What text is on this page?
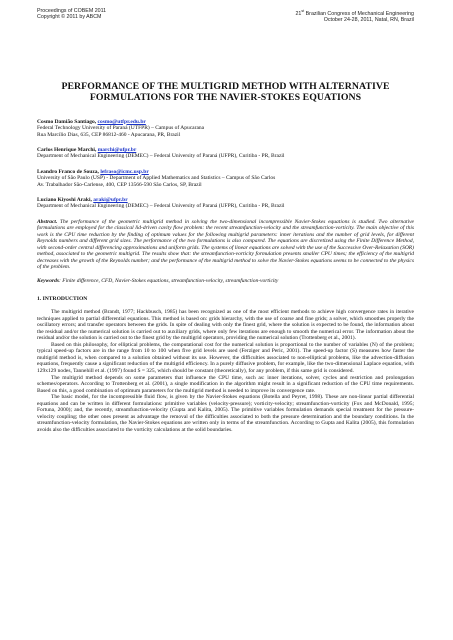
Proceedings of COBEM 2011
Copyright © 2011 by ABCM
21st Brazilian Congress of Mechanical Engineering
October 24-28, 2011, Natal, RN, Brazil
PERFORMANCE OF THE MULTIGRID METHOD WITH ALTERNATIVE
FORMULATIONS FOR THE NAVIER-STOKES EQUATIONS
Cosmo Damião Santiago, cosmo@utfpr.edu.br
Federal Technology University of Paraná (UTFPR) – Campus of Apucarana
Rua Marcílio Dias, 635, CEP 86812-460 - Apucarana, PR, Brazil
Carlos Henrique Marchi, marchi@ufpr.br
Department of Mechanical Engineering (DEMEC) – Federal University of Paraná (UFPR), Curitiba - PR, Brazil
Leandro Franco de Souza, lefraso@icmc.usp.br
University of São Paulo (USP) - Department of Applied Mathematics and Statistics – Campus of São Carlos
Av. Trabalhador São-Carlense, 400, CEP 13566-590 São Carlos, SP, Brazil
Luciano Kiyoshi Araki, araki@ufpr.br
Department of Mechanical Engineering (DEMEC) – Federal University of Paraná (UFPR), Curitiba - PR, Brazil
Abstract. The performance of the geometric multigrid method in solving the two-dimensional incompressible Navier-Stokes equations is studied. Two alternative formulations are employed for the classical lid-driven cavity flow problem: the recent streamfunction-velocity and the streamfunction-vorticity. The main objective of this work is the CPU time reduction by the finding of optimum values for the following multigrid parameters: inner iterations and the number of grid levels, for different Reynolds numbers and different grid sizes. The performance of the two formulations is also compared. The equations are discretized using the Finite Difference Method, with second-order central differencing approximations and uniform grids. The systems of linear equations are solved with the use of the Successive Over-Relaxation (SOR) method, associated to the geometric multigrid. The results show that: the streamfunction-vorticity formulation presents smaller CPU times; the efficiency of the multigrid decreases with the growth of the Reynolds number; and the performance of the multigrid method to solve the Navier-Stokes equations seems to be connected to the physics of the problem.
Keywords: Finite difference, CFD, Navier-Stokes equations, streamfunction-velocity, streamfunction-vorticity
1. INTRODUCTION

The multigrid method (Brandt, 1977; Hackbusch, 1985) has been recognized as one of the most efficient methods to achieve high convergence rates in iterative techniques applied to partial differential equations. This method is based on: grids hierarchy, with the use of coarse and fine grids; a solver, which smoothes properly the oscillatory errors; and transfer operators between the grids. In spite of dealing with only the finest grid, where the solution is expected to be found, the information about the residual and/or the numerical solution is carried out to auxiliary grids, where only few iterations are enough to smooth the numerical error. The information about the residual and/or the solution is carried out to the finest grid by the multigrid operators, providing the numerical solution (Trottenberg et al., 2001).

Based on this philosophy, for elliptical problems, the computational cost for the numerical solution is proportional to the number of variables (N) of the problem; typical speed-up factors are in the range from 10 to 100 when five grid levels are used (Ferziger and Peric, 2001). The speed-up factor (S) measures how faster the multigrid method is, when compared to a solution obtained without its use. However, the difficulties associated to non-elliptical problems, like the advection-diffusion equations, frequently cause a significant reduction of the multigrid efficiency. In a purely diffusive problem, for example, like the two-dimensional Laplace equation, with 129x129 nodes, Tannehill et al. (1997) found S = 325, which should be constant (theoretically), for any problem, if this same grid is considered.

The multigrid method depends on some parameters that influence the CPU time, such as: inner iterations, solver, cycles and restriction and prolongation schemes/operators. According to Trottenberg et al. (2001), a single modification in the algorithm might result in a significant reduction of the CPU time requirements. Based on this, a good combination of optimum parameters for the multigrid method is needed to improve its convergence rate.

The basic model, for the incompressible fluid flow, is given by the Navier-Stokes equations (Botella and Peyret, 1998). These are non-linear partial differential equations and can be written in different formulations: primitive variables (velocity-pressure); vorticity-velocity; streamfunction-vorticity (Fox and McDonald, 1995; Fortuna, 2000); and, the recently, streamfunction-velocity (Gupta and Kalita, 2005). The primitive variables formulation demands special treatment for the pressure-velocity coupling; the other ones present as advantage the removal of the difficulties associated to both the pressure determination and the boundary conditions. In the streamfunction-velocity formulation, the Navier-Stokes equations are written only in terms of the streamfunction. According to Gupta and Kalita (2005), this formulation avoids also the difficulties associated to the vorticity calculations at the solid boundaries.
